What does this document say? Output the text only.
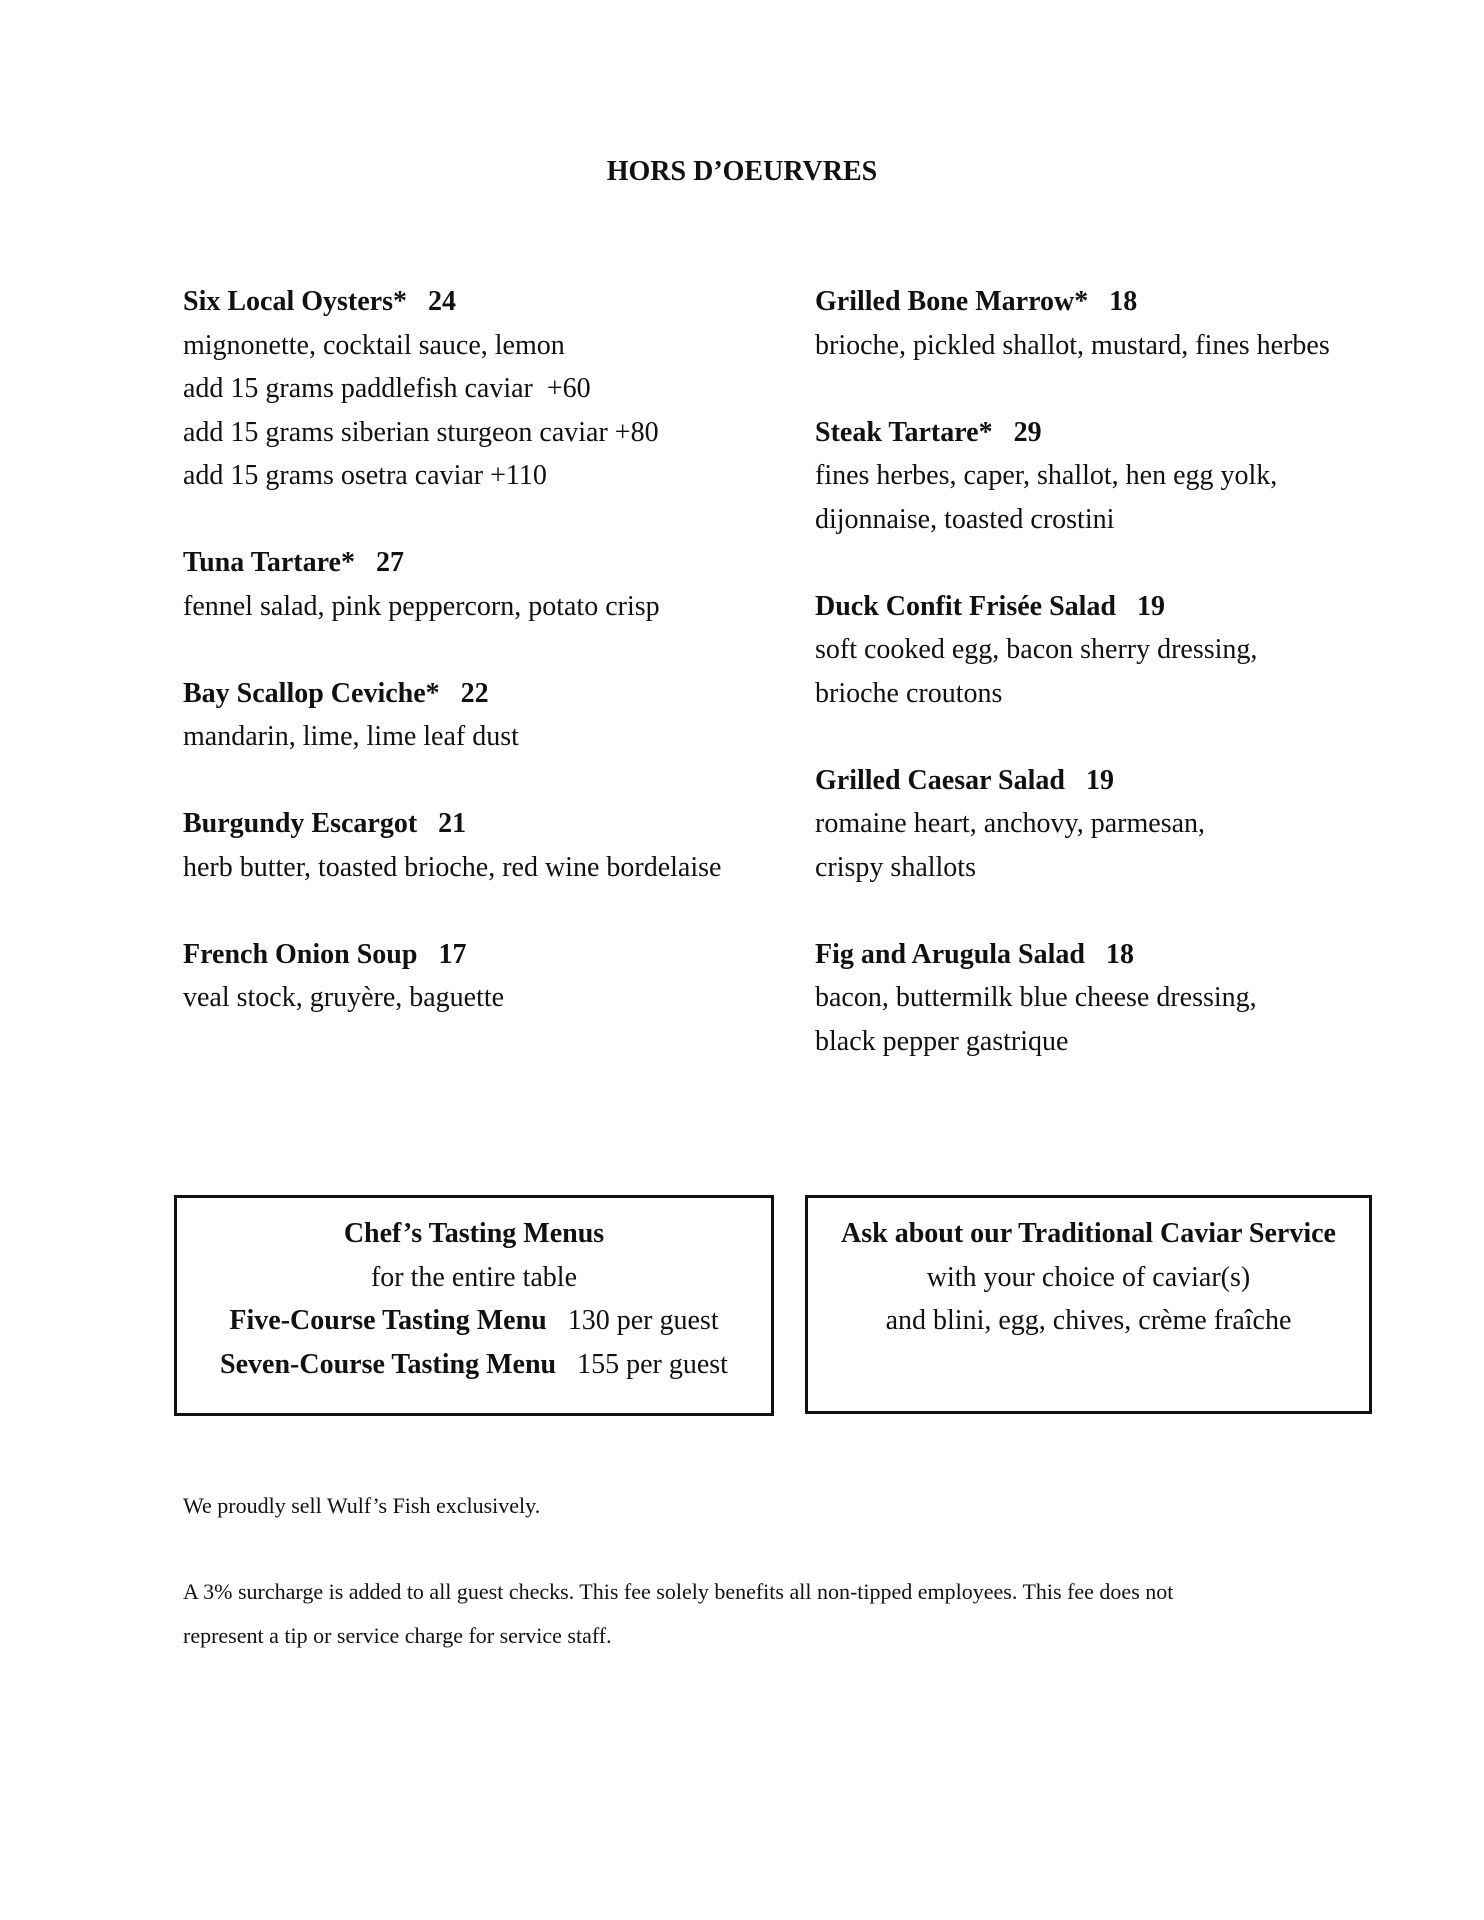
HORS D’OEURVRES
Six Local Oysters* 24
mignonette, cocktail sauce, lemon
add 15 grams paddlefish caviar  +60
add 15 grams siberian sturgeon caviar +80
add 15 grams osetra caviar +110
Tuna Tartare* 27
fennel salad, pink peppercorn, potato crisp
Bay Scallop Ceviche* 22
mandarin, lime, lime leaf dust
Burgundy Escargot 21
herb butter, toasted brioche, red wine bordelaise
French Onion Soup 17
veal stock, gruyère, baguette
Grilled Bone Marrow* 18
brioche, pickled shallot, mustard, fines herbes
Steak Tartare* 29
fines herbes, caper, shallot, hen egg yolk,
dijonnaise, toasted crostini
Duck Confit Frisée Salad 19
soft cooked egg, bacon sherry dressing,
brioche croutons
Grilled Caesar Salad 19
romaine heart, anchovy, parmesan,
crispy shallots
Fig and Arugula Salad 18
bacon, buttermilk blue cheese dressing,
black pepper gastrique
Chef’s Tasting Menus
for the entire table
Five-Course Tasting Menu 130 per guest
Seven-Course Tasting Menu 155 per guest
Ask about our Traditional Caviar Service
with your choice of caviar(s)
and blini, egg, chives, crème fraîche
We proudly sell Wulf’s Fish exclusively.
A 3% surcharge is added to all guest checks. This fee solely benefits all non-tipped employees. This fee does not
represent a tip or service charge for service staff.
